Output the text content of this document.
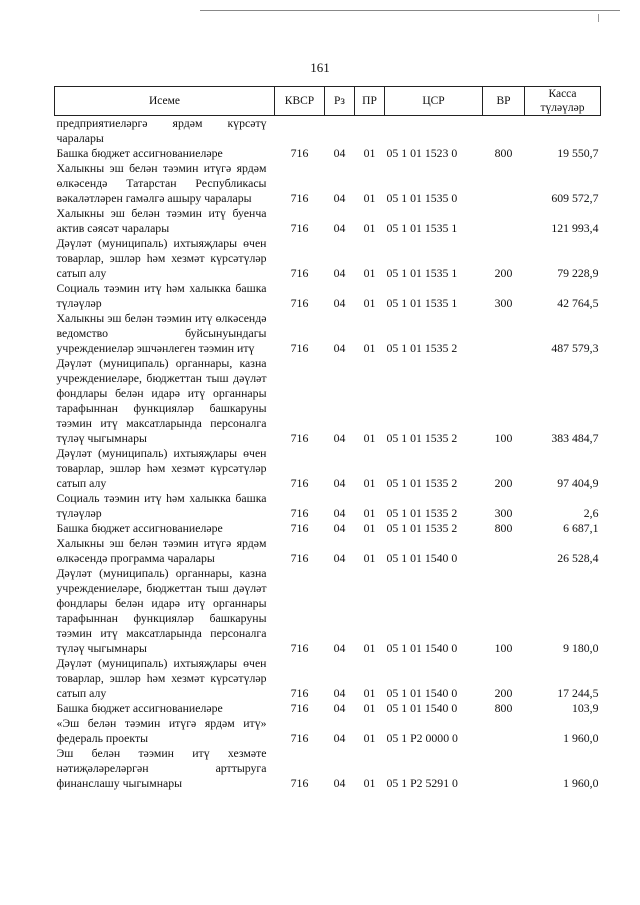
161
Исеме	КВСР	Рз	ПР	ЦСР	ВР	Касса
түләүләр
предприятиеләргә ярдәм күрсәтү чаралары						
Башка бюджет ассигнованиеләре	716	04	01	05 1 01 1523 0	800	19 550,7
Халыкны эш белән тәэмин итүгә ярдәм өлкәсендә Татарстан Республикасы вәкаләтләрен гамәлгә ашыру чаралары	716	04	01	05 1 01 1535 0		609 572,7
Халыкны эш белән тәэмин итү буенча актив сәясәт чаралары	716	04	01	05 1 01 1535 1		121 993,4
Дәүләт (муниципаль) ихтыяҗлары өчен товарлар, эшләр һәм хезмәт күрсәтүләр сатып алу	716	04	01	05 1 01 1535 1	200	79 228,9
Социаль тәэмин итү һәм халыкка башка түләүләр	716	04	01	05 1 01 1535 1	300	42 764,5
Халыкны эш белән тәэмин итү өлкәсендә ведомство буйсынуындагы учреждениеләр эшчәнлеген тәэмин итү	716	04	01	05 1 01 1535 2		487 579,3
Дәүләт (муниципаль) органнары, казна учреждениеләре, бюджеттан тыш дәүләт фондлары белән идарә итү органнары тарафыннан функцияләр башкаруны тәэмин итү максатларында персоналга түләү чыгымнары	716	04	01	05 1 01 1535 2	100	383 484,7
Дәүләт (муниципаль) ихтыяҗлары өчен товарлар, эшләр һәм хезмәт күрсәтүләр сатып алу	716	04	01	05 1 01 1535 2	200	97 404,9
Социаль тәэмин итү һәм халыкка башка түләүләр	716	04	01	05 1 01 1535 2	300	2,6
Башка бюджет ассигнованиеләре	716	04	01	05 1 01 1535 2	800	6 687,1
Халыкны эш белән тәэмин итүгә ярдәм өлкәсендә программа чаралары	716	04	01	05 1 01 1540 0		26 528,4
Дәүләт (муниципаль) органнары, казна учреждениеләре, бюджеттан тыш дәүләт фондлары белән идарә итү органнары тарафыннан функцияләр башкаруны тәэмин итү максатларында персоналга түләү чыгымнары	716	04	01	05 1 01 1540 0	100	9 180,0
Дәүләт (муниципаль) ихтыяҗлары өчен товарлар, эшләр һәм хезмәт күрсәтүләр сатып алу	716	04	01	05 1 01 1540 0	200	17 244,5
Башка бюджет ассигнованиеләре	716	04	01	05 1 01 1540 0	800	103,9
«Эш белән тәэмин итүгә ярдәм итү» федераль проекты	716	04	01	05 1 P2 0000 0		1 960,0
Эш белән тәэмин итү хезмәте нәтиҗәләреләргән арттыруга финанслашу чыгымнары	716	04	01	05 1 P2 5291 0		1 960,0
